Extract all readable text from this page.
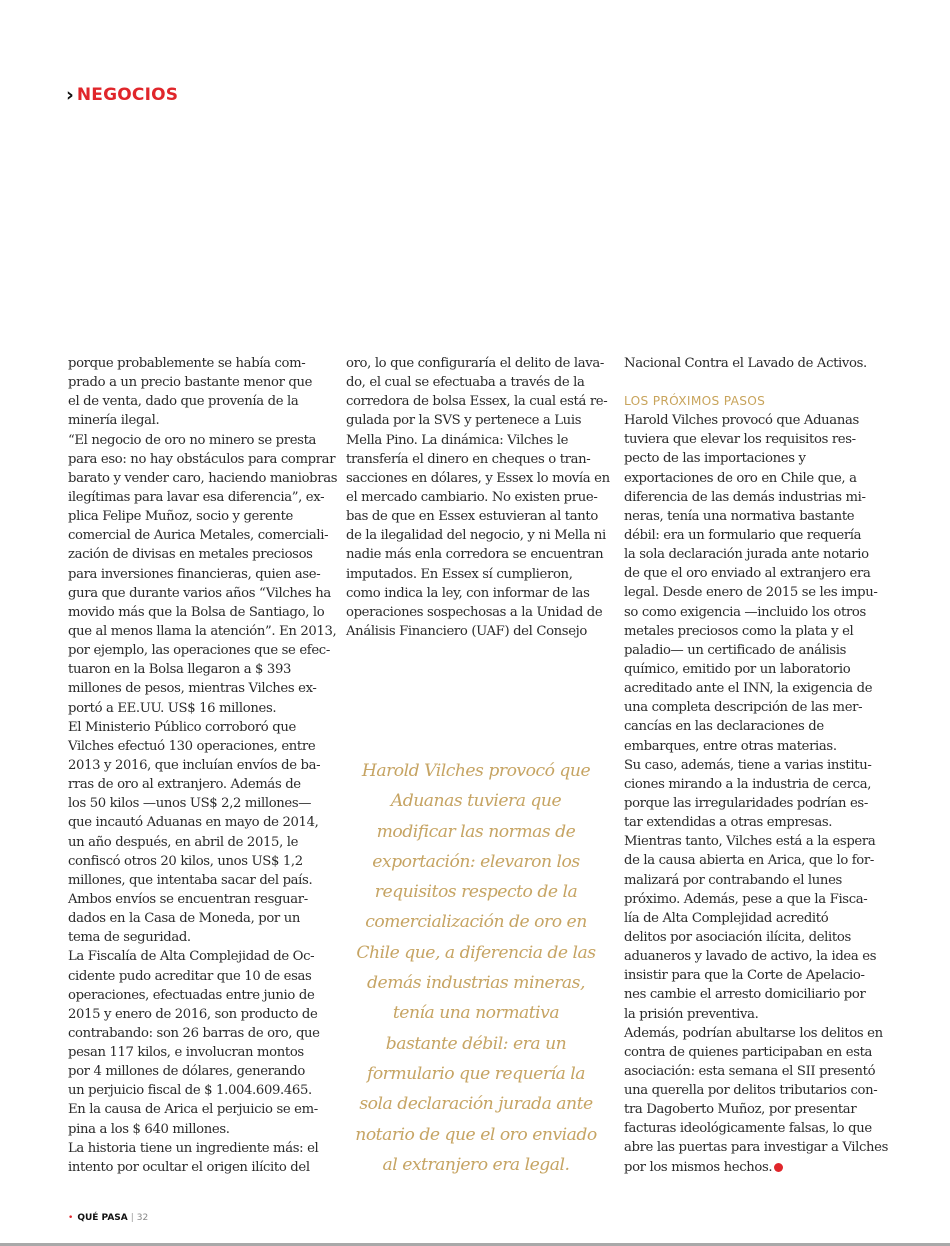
› NEGOCIOS
porque probablemente se había com-
prado a un precio bastante menor que
el de venta, dado que provenía de la
minería ilegal.
“El negocio de oro no minero se presta
para eso: no hay obstáculos para comprar
barato y vender caro, haciendo maniobras
ilegítimas para lavar esa diferencia”, ex-
plica Felipe Muñoz, socio y gerente
comercial de Aurica Metales, comerciali-
zación de divisas en metales preciosos
para inversiones financieras, quien ase-
gura que durante varios años “Vilches ha
movido más que la Bolsa de Santiago, lo
que al menos llama la atención”. En 2013,
por ejemplo, las operaciones que se efec-
tuaron en la Bolsa llegaron a $ 393
millones de pesos, mientras Vilches ex-
portó a EE.UU. US$ 16 millones.
El Ministerio Público corroboró que
Vilches efectuó 130 operaciones, entre
2013 y 2016, que incluían envíos de ba-
rras de oro al extranjero. Además de
los 50 kilos —unos US$ 2,2 millones—
que incautó Aduanas en mayo de 2014,
un año después, en abril de 2015, le
confiscó otros 20 kilos, unos US$ 1,2
millones, que intentaba sacar del país.
Ambos envíos se encuentran resguar-
dados en la Casa de Moneda, por un
tema de seguridad.
La Fiscalía de Alta Complejidad de Oc-
cidente pudo acreditar que 10 de esas
operaciones, efectuadas entre junio de
2015 y enero de 2016, son producto de
contrabando: son 26 barras de oro, que
pesan 117 kilos, e involucran montos
por 4 millones de dólares, generando
un perjuicio fiscal de $ 1.004.609.465.
En la causa de Arica el perjuicio se em-
pina a los $ 640 millones.
La historia tiene un ingrediente más: el
intento por ocultar el origen ilícito del
oro, lo que configuraría el delito de lava-
do, el cual se efectuaba a través de la
corredora de bolsa Essex, la cual está re-
gulada por la SVS y pertenece a Luis
Mella Pino. La dinámica: Vilches le
transfería el dinero en cheques o tran-
sacciones en dólares, y Essex lo movía en
el mercado cambiario. No existen prue-
bas de que en Essex estuvieran al tanto
de la ilegalidad del negocio, y ni Mella ni
nadie más enla corredora se encuentran
imputados. En Essex sí cumplieron,
como indica la ley, con informar de las
operaciones sospechosas a la Unidad de
Análisis Financiero (UAF) del Consejo
Harold Vilches provocó que
Aduanas tuviera que
modificar las normas de
exportación: elevaron los
requisitos respecto de la
comercialización de oro en
Chile que, a diferencia de las
demás industrias mineras,
tenía una normativa
bastante débil: era un
formulario que requería la
sola declaración jurada ante
notario de que el oro enviado
al extranjero era legal.
Nacional Contra el Lavado de Activos.
LOS PRÓXIMOS PASOS
Harold Vilches provocó que Aduanas
tuviera que elevar los requisitos res-
pecto de las importaciones y
exportaciones de oro en Chile que, a
diferencia de las demás industrias mi-
neras, tenía una normativa bastante
débil: era un formulario que requería
la sola declaración jurada ante notario
de que el oro enviado al extranjero era
legal. Desde enero de 2015 se les impu-
so como exigencia —incluido los otros
metales preciosos como la plata y el
paladio— un certificado de análisis
químico, emitido por un laboratorio
acreditado ante el INN, la exigencia de
una completa descripción de las mer-
cancías en las declaraciones de
embarques, entre otras materias.
Su caso, además, tiene a varias institu-
ciones mirando a la industria de cerca,
porque las irregularidades podrían es-
tar extendidas a otras empresas.
Mientras tanto, Vilches está a la espera
de la causa abierta en Arica, que lo for-
malizará por contrabando el lunes
próximo. Además, pese a que la Fisca-
lía de Alta Complejidad acreditó
delitos por asociación ilícita, delitos
aduaneros y lavado de activo, la idea es
insistir para que la Corte de Apelacio-
nes cambie el arresto domiciliario por
la prisión preventiva.
Además, podrían abultarse los delitos en
contra de quienes participaban en esta
asociación: esta semana el SII presentó
una querella por delitos tributarios con-
tra Dagoberto Muñoz, por presentar
facturas ideológicamente falsas, lo que
abre las puertas para investigar a Vilches
por los mismos hechos.
• QUÉ PASA | 32
